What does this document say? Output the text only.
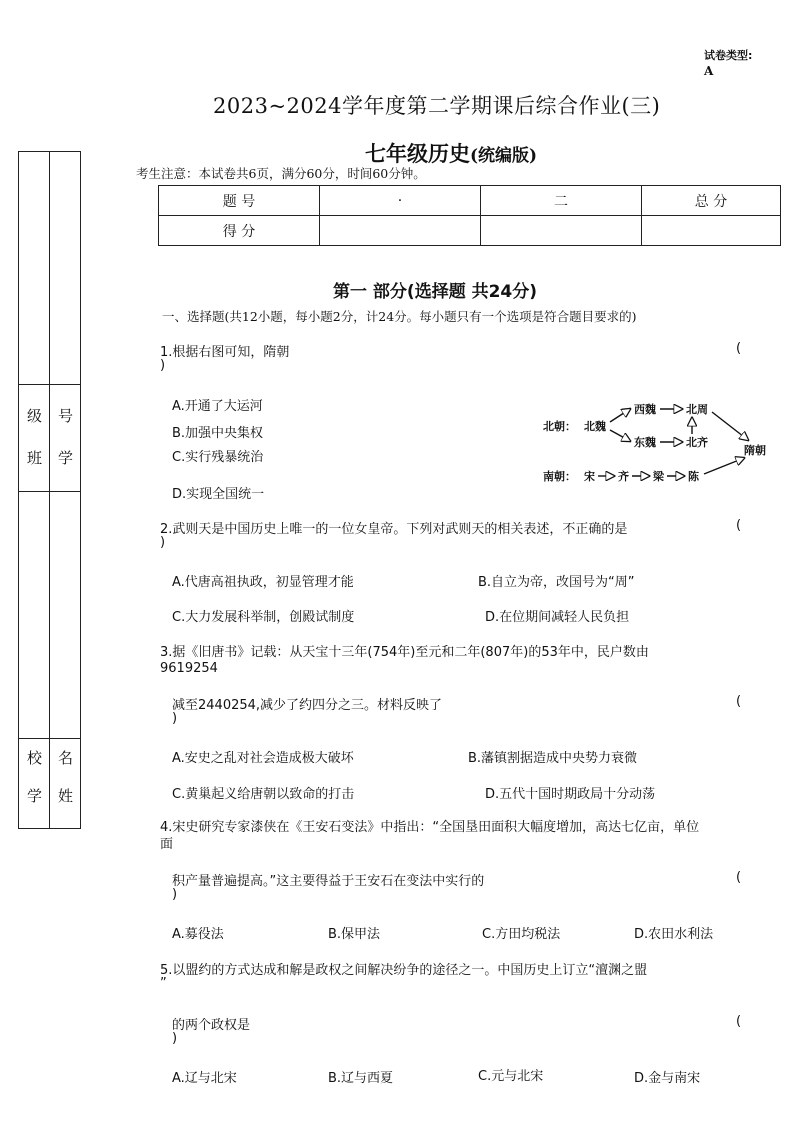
试卷类型:
A
2023~2024学年度第二学期课后综合作业(三)
七年级历史(统编版)
考生注意：本试卷共6页，满分60分，时间60分钟。
题 号	·	二	总 分
得 分			
级
班
号
学
校
学
名
姓
第一 部分(选择题 共24分)
一、选择题(共12小题，每小题2分，计24分。每小题只有一个选项是符合题目要求的)
1.根据右图可知，隋朝	(
)
A.开通了大运河
B.加强中央集权
C.实行残暴统治
D.实现全国统一
北朝： 北魏
西魏
东魏
北周
北齐
南朝： 宋 齐 梁 陈
隋朝
2.武则天是中国历史上唯一的一位女皇帝。下列对武则天的相关表述，不正确的是	(
)
A.代唐高祖执政，初显管理才能	B.自立为帝，改国号为“周”
C.大力发展科举制，创殿试制度	D.在位期间减轻人民负担
3.据《旧唐书》记载：从天宝十三年(754年)至元和二年(807年)的53年中，民户数由
9619254
减至2440254,减少了约四分之三。材料反映了	(
)
A.安史之乱对社会造成极大破坏	B.藩镇割据造成中央势力衰微
C.黄巢起义给唐朝以致命的打击	D.五代十国时期政局十分动荡
4.宋史研究专家漆侠在《王安石变法》中指出：“全国垦田面积大幅度增加，高达七亿亩，单位
面
积产量普遍提高。”这主要得益于王安石在变法中实行的	(
)
A.募役法	B.保甲法	C.方田均税法	D.农田水利法
5.以盟约的方式达成和解是政权之间解决纷争的途径之一。中国历史上订立“澶渊之盟
”
的两个政权是	(
)
A.辽与北宋	B.辽与西夏	C.元与北宋	D.金与南宋
